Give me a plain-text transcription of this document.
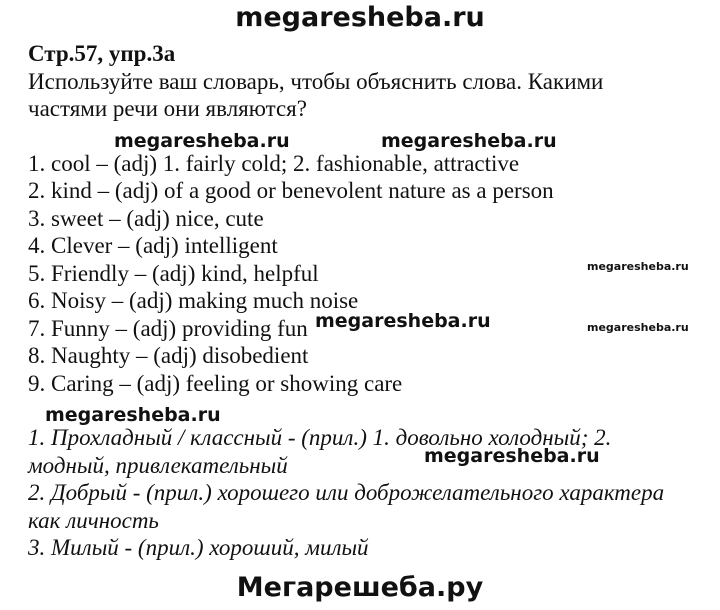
megaresheba.ru

Стр.57, упр.3а

Используйте ваш словарь, чтобы объяснить слова. Какими

частями речи они являются?

1. cool – (adj) 1. fairly cold; 2. fashionable, attractive

2. kind – (adj) of a good or benevolent nature as a person

3. sweet – (adj) nice, cute

4. Clever – (adj) intelligent

5. Friendly – (adj) kind, helpful

6. Noisy – (adj) making much noise

7. Funny – (adj) providing fun

8. Naughty – (adj) disobedient

9. Caring – (adj) feeling or showing care

1. Прохладный / классный - (прил.) 1. довольно холодный; 2.

модный, привлекательный

2. Добрый - (прил.) хорошего или доброжелательного характера

как личность

3. Милый - (прил.) хороший, милый

megaresheba.ru	megaresheba.ru
megaresheba.ru
megaresheba.ru	megaresheba.ru
megaresheba.ru
megaresheba.ru
Мегарешеба.ру
